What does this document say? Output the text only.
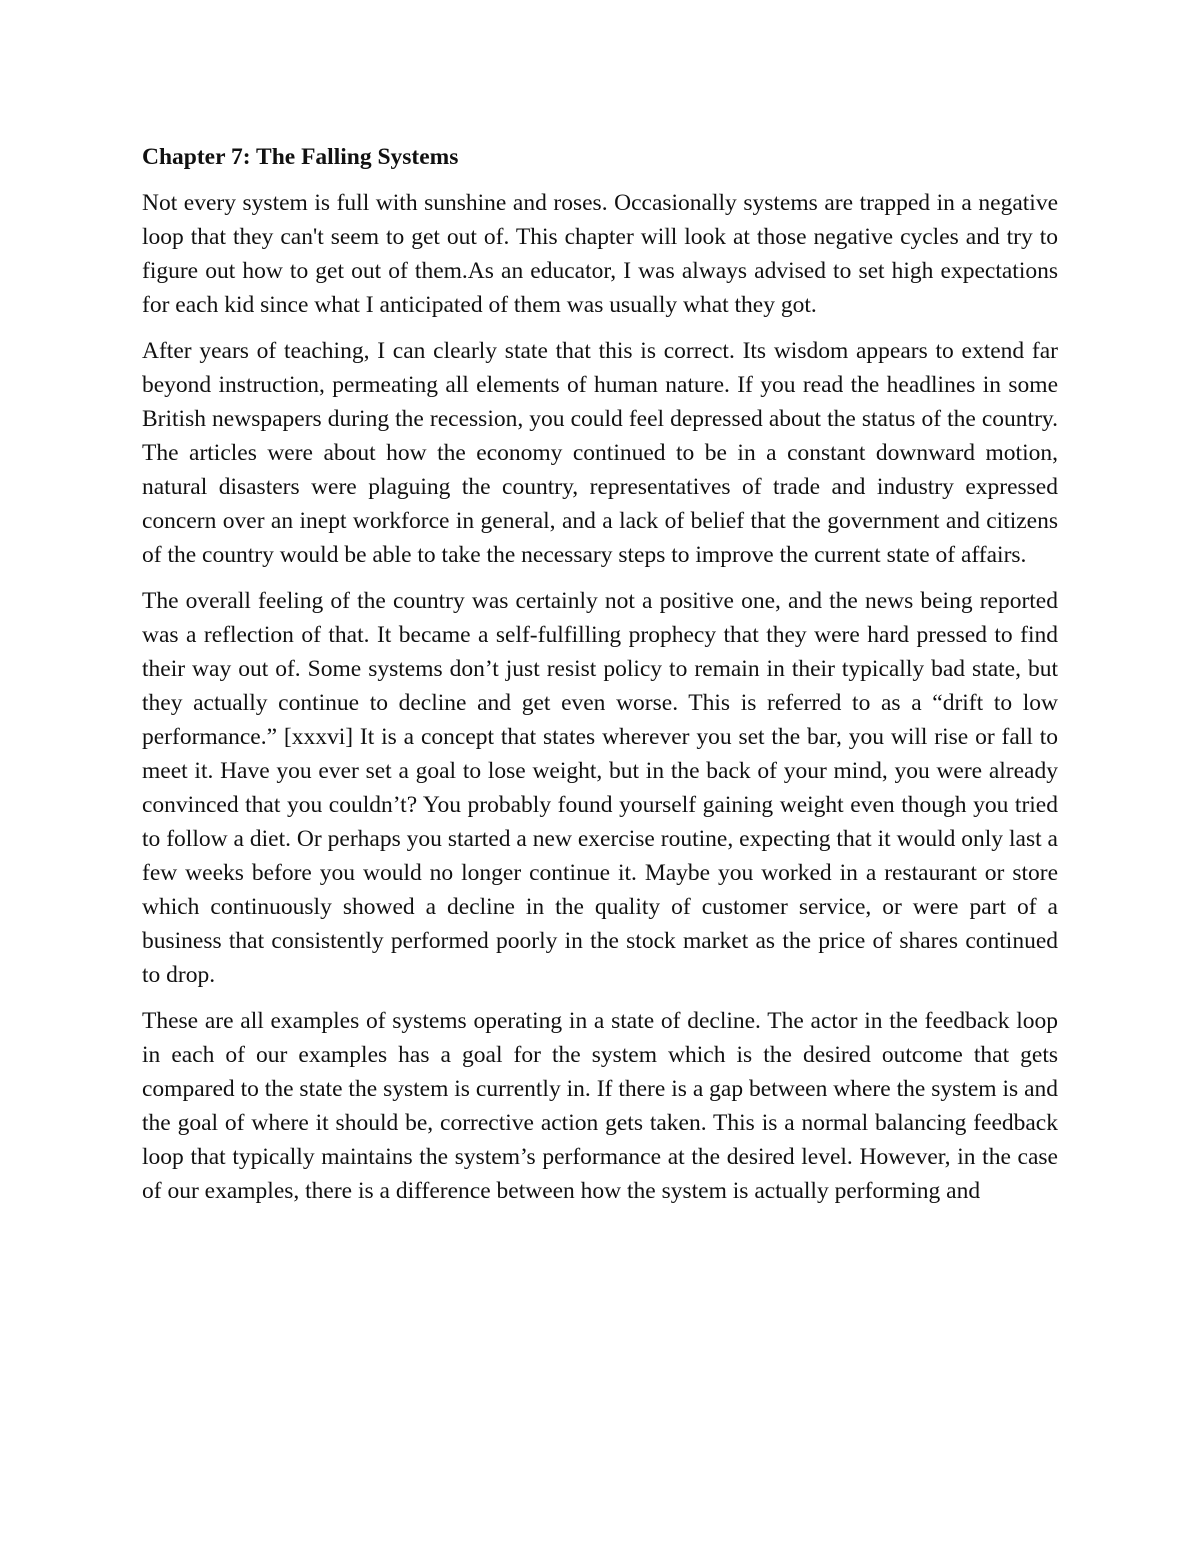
Chapter 7: The Falling Systems

Not every system is full with sunshine and roses. Occasionally systems are trapped in a negative loop that they can't seem to get out of. This chapter will look at those negative cycles and try to figure out how to get out of them.As an educator, I was always advised to set high expectations for each kid since what I anticipated of them was usually what they got.

After years of teaching, I can clearly state that this is correct. Its wisdom appears to extend far beyond instruction, permeating all elements of human nature. If you read the headlines in some British newspapers during the recession, you could feel depressed about the status of the country. The articles were about how the economy continued to be in a constant downward motion, natural disasters were plaguing the country, representatives of trade and industry expressed concern over an inept workforce in general, and a lack of belief that the government and citizens of the country would be able to take the necessary steps to improve the current state of affairs.

The overall feeling of the country was certainly not a positive one, and the news being reported was a reflection of that. It became a self-fulfilling prophecy that they were hard pressed to find their way out of. Some systems don’t just resist policy to remain in their typically bad state, but they actually continue to decline and get even worse. This is referred to as a “drift to low performance.” [xxxvi] It is a concept that states wherever you set the bar, you will rise or fall to meet it. Have you ever set a goal to lose weight, but in the back of your mind, you were already convinced that you couldn’t? You probably found yourself gaining weight even though you tried to follow a diet. Or perhaps you started a new exercise routine, expecting that it would only last a few weeks before you would no longer continue it. Maybe you worked in a restaurant or store which continuously showed a decline in the quality of customer service, or were part of a business that consistently performed poorly in the stock market as the price of shares continued to drop.

These are all examples of systems operating in a state of decline. The actor in the feedback loop in each of our examples has a goal for the system which is the desired outcome that gets compared to the state the system is currently in. If there is a gap between where the system is and the goal of where it should be, corrective action gets taken. This is a normal balancing feedback loop that typically maintains the system’s performance at the desired level. However, in the case of our examples, there is a difference between how the system is actually performing and
